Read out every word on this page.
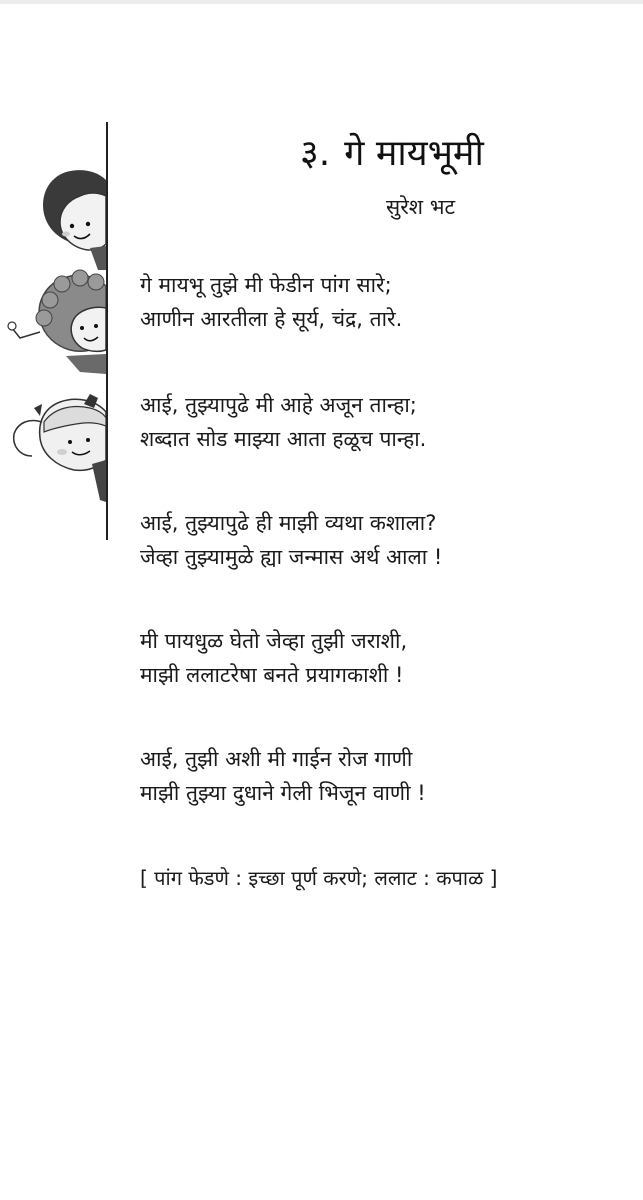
३. गे मायभूमी
सुरेश भट
गे मायभू तुझे मी फेडीन पांग सारे;
आणीन आरतीला हे सूर्य, चंद्र, तारे.
आई, तुझ्यापुढे मी आहे अजून तान्हा;
शब्दात सोड माझ्या आता हळूच पान्हा.
आई, तुझ्यापुढे ही माझी व्यथा कशाला?
जेव्हा तुझ्यामुळे ह्या जन्मास अर्थ आला !
मी पायधुळ घेतो जेव्हा तुझी जराशी,
माझी ललाटरेषा बनते प्रयागकाशी !
आई, तुझी अशी मी गाईन रोज गाणी
माझी तुझ्या दुधाने गेली भिजून वाणी !
[ पांग फेडणे : इच्छा पूर्ण करणे; ललाट : कपाळ ]
